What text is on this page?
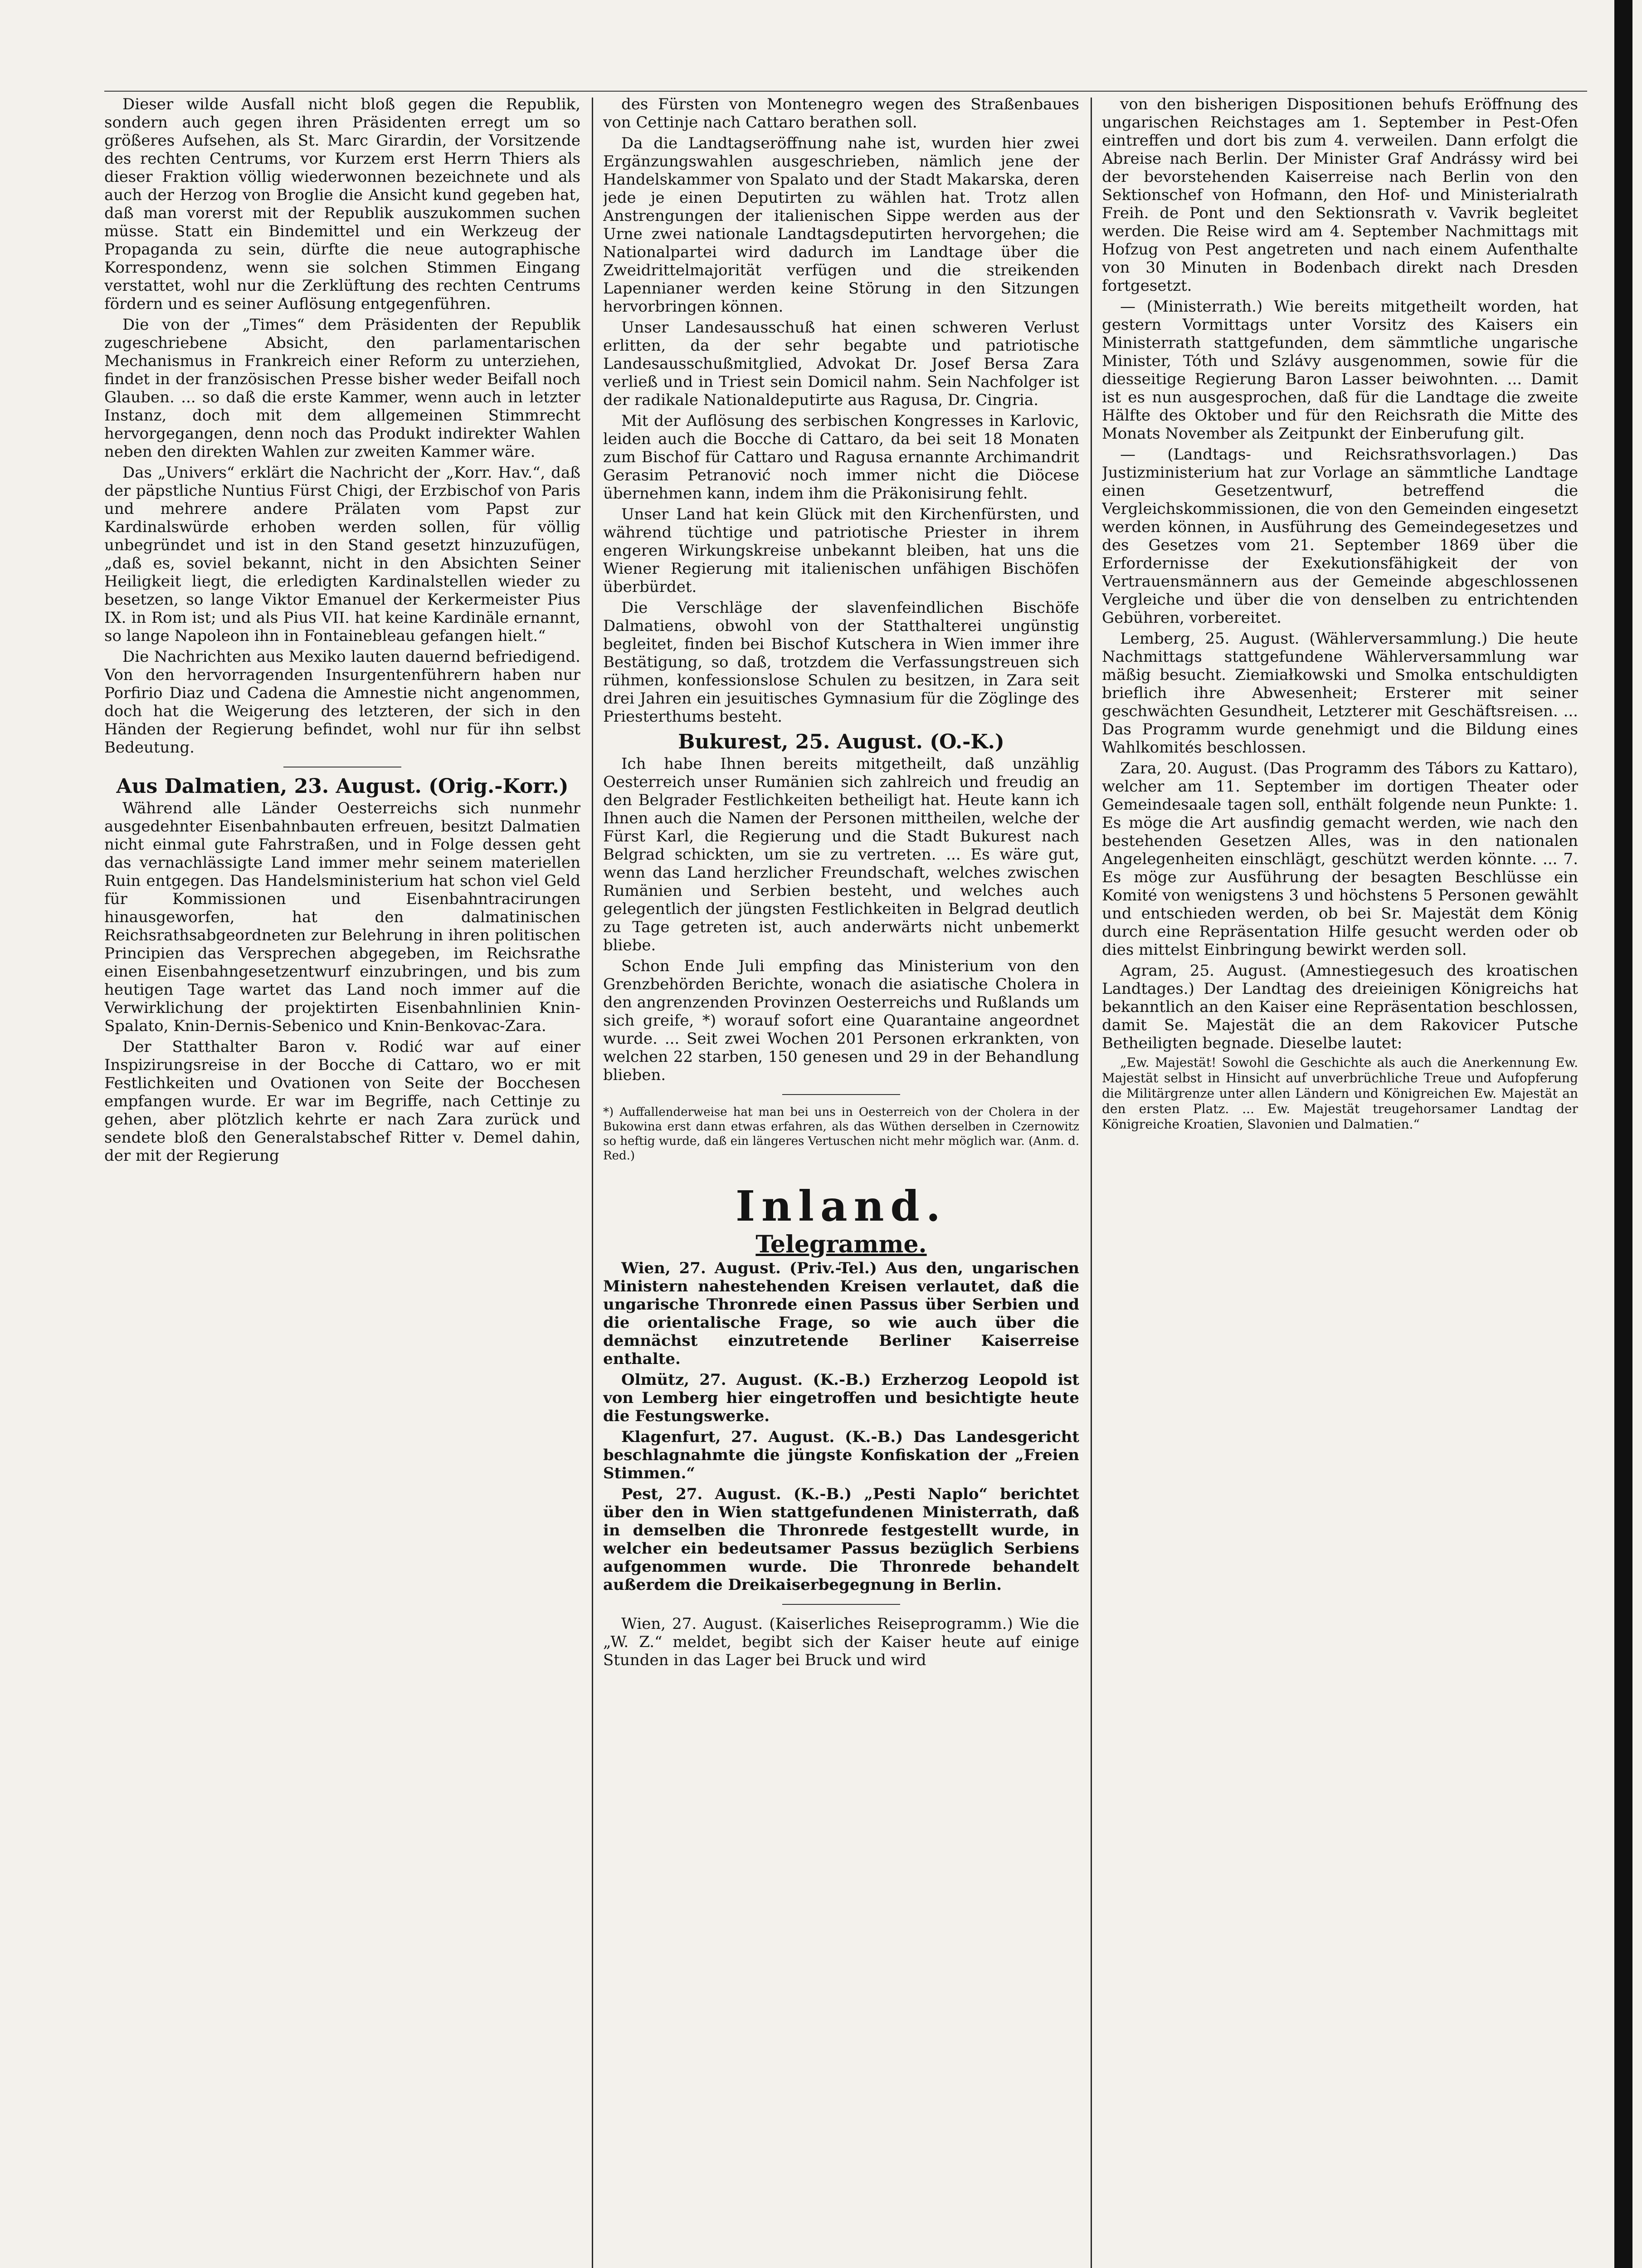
Dieser wilde Ausfall nicht bloß gegen die Republik, sondern auch gegen ihren Präsidenten erregt um so größeres Aufsehen, als St. Marc Girardin, der Vorsitzende des rechten Centrums, vor Kurzem erst Herrn Thiers als dieser Fraktion völlig wiederwonnen bezeichnete und als auch der Herzog von Broglie die Ansicht kund gegeben hat, daß man vorerst mit der Republik auszukommen suchen müsse. Statt ein Bindemittel und ein Werkzeug der Propaganda zu sein, dürfte die neue autographische Korrespondenz, wenn sie solchen Stimmen Eingang verstattet, wohl nur die Zerklüftung des rechten Centrums fördern und es seiner Auflösung entgegenführen.

Die von der „Times“ dem Präsidenten der Republik zugeschriebene Absicht, den parlamentarischen Mechanismus in Frankreich einer Reform zu unterziehen, findet in der französischen Presse bisher weder Beifall noch Glauben. ... so daß die erste Kammer, wenn auch in letzter Instanz, doch mit dem allgemeinen Stimmrecht hervorgegangen, denn noch das Produkt indirekter Wahlen neben den direkten Wahlen zur zweiten Kammer wäre.

Das „Univers“ erklärt die Nachricht der „Korr. Hav.“, daß der päpstliche Nuntius Fürst Chigi, der Erzbischof von Paris und mehrere andere Prälaten vom Papst zur Kardinalswürde erhoben werden sollen, für völlig unbegründet und ist in den Stand gesetzt hinzuzufügen, „daß es, soviel bekannt, nicht in den Absichten Seiner Heiligkeit liegt, die erledigten Kardinalstellen wieder zu besetzen, so lange Viktor Emanuel der Kerkermeister Pius IX. in Rom ist; und als Pius VII. hat keine Kardinäle ernannt, so lange Napoleon ihn in Fontainebleau gefangen hielt.“

Die Nachrichten aus Mexiko lauten dauernd befriedigend. Von den hervorragenden Insurgentenführern haben nur Porfirio Diaz und Cadena die Amnestie nicht angenommen, doch hat die Weigerung des letzteren, der sich in den Händen der Regierung befindet, wohl nur für ihn selbst Bedeutung.

Aus Dalmatien, 23. August. (Orig.-Korr.)

Während alle Länder Oesterreichs sich nunmehr ausgedehnter Eisenbahnbauten erfreuen, besitzt Dalmatien nicht einmal gute Fahrstraßen, und in Folge dessen geht das vernachlässigte Land immer mehr seinem materiellen Ruin entgegen. Das Handelsministerium hat schon viel Geld für Kommissionen und Eisenbahntracirungen hinausgeworfen, hat den dalmatinischen Reichsrathsabgeordneten zur Belehrung in ihren politischen Principien das Versprechen abgegeben, im Reichsrathe einen Eisenbahngesetzentwurf einzubringen, und bis zum heutigen Tage wartet das Land noch immer auf die Verwirklichung der projektirten Eisenbahnlinien Knin-Spalato, Knin-Dernis-Sebenico und Knin-Benkovac-Zara.

Der Statthalter Baron v. Rodić war auf einer Inspizirungsreise in der Bocche di Cattaro, wo er mit Festlichkeiten und Ovationen von Seite der Bocchesen empfangen wurde. Er war im Begriffe, nach Cettinje zu gehen, aber plötzlich kehrte er nach Zara zurück und sendete bloß den Generalstabschef Ritter v. Demel dahin, der mit der Regierung

des Fürsten von Montenegro wegen des Straßenbaues von Cettinje nach Cattaro berathen soll.

Da die Landtagseröffnung nahe ist, wurden hier zwei Ergänzungswahlen ausgeschrieben, nämlich jene der Handelskammer von Spalato und der Stadt Makarska, deren jede je einen Deputirten zu wählen hat. Trotz allen Anstrengungen der italienischen Sippe werden aus der Urne zwei nationale Landtagsdeputirten hervorgehen; die Nationalpartei wird dadurch im Landtage über die Zweidrittelmajorität verfügen und die streikenden Lapennianer werden keine Störung in den Sitzungen hervorbringen können.

Unser Landesausschuß hat einen schweren Verlust erlitten, da der sehr begabte und patriotische Landesausschußmitglied, Advokat Dr. Josef Bersa Zara verließ und in Triest sein Domicil nahm. Sein Nachfolger ist der radikale Nationaldeputirte aus Ragusa, Dr. Cingria.

Mit der Auflösung des serbischen Kongresses in Karlovic, leiden auch die Bocche di Cattaro, da bei seit 18 Monaten zum Bischof für Cattaro und Ragusa ernannte Archimandrit Gerasim Petranović noch immer nicht die Diöcese übernehmen kann, indem ihm die Präkonisirung fehlt.

Unser Land hat kein Glück mit den Kirchenfürsten, und während tüchtige und patriotische Priester in ihrem engeren Wirkungskreise unbekannt bleiben, hat uns die Wiener Regierung mit italienischen unfähigen Bischöfen überbürdet.

Die Verschläge der slavenfeindlichen Bischöfe Dalmatiens, obwohl von der Statthalterei ungünstig begleitet, finden bei Bischof Kutschera in Wien immer ihre Bestätigung, so daß, trotzdem die Verfassungstreuen sich rühmen, konfessionslose Schulen zu besitzen, in Zara seit drei Jahren ein jesuitisches Gymnasium für die Zöglinge des Priesterthums besteht.

Bukurest, 25. August. (O.-K.)

Ich habe Ihnen bereits mitgetheilt, daß unzählig Oesterreich unser Rumänien sich zahlreich und freudig an den Belgrader Festlichkeiten betheiligt hat. Heute kann ich Ihnen auch die Namen der Personen mittheilen, welche der Fürst Karl, die Regierung und die Stadt Bukurest nach Belgrad schickten, um sie zu vertreten. ... Es wäre gut, wenn das Land herzlicher Freundschaft, welches zwischen Rumänien und Serbien besteht, und welches auch gelegentlich der jüngsten Festlichkeiten in Belgrad deutlich zu Tage getreten ist, auch anderwärts nicht unbemerkt bliebe.

Schon Ende Juli empfing das Ministerium von den Grenzbehörden Berichte, wonach die asiatische Cholera in den angrenzenden Provinzen Oesterreichs und Rußlands um sich greife, *) worauf sofort eine Quarantaine angeordnet wurde. ... Seit zwei Wochen 201 Personen erkrankten, von welchen 22 starben, 150 genesen und 29 in der Behandlung blieben.

*) Auffallenderweise hat man bei uns in Oesterreich von der Cholera in der Bukowina erst dann etwas erfahren, als das Wüthen derselben in Czernowitz so heftig wurde, daß ein längeres Vertuschen nicht mehr möglich war. (Anm. d. Red.)
Inland.
Telegramme.

Wien, 27. August. (Priv.-Tel.) Aus den, ungarischen Ministern nahestehenden Kreisen verlautet, daß die ungarische Thronrede einen Passus über Serbien und die orientalische Frage, so wie auch über die demnächst einzutretende Berliner Kaiserreise enthalte.

Olmütz, 27. August. (K.-B.) Erzherzog Leopold ist von Lemberg hier eingetroffen und besichtigte heute die Festungswerke.

Klagenfurt, 27. August. (K.-B.) Das Landesgericht beschlagnahmte die jüngste Konfiskation der „Freien Stimmen.“

Pest, 27. August. (K.-B.) „Pesti Naplo“ berichtet über den in Wien stattgefundenen Ministerrath, daß in demselben die Thronrede festgestellt wurde, in welcher ein bedeutsamer Passus bezüglich Serbiens aufgenommen wurde. Die Thronrede behandelt außerdem die Dreikaiserbegegnung in Berlin.

Wien, 27. August. (Kaiserliches Reiseprogramm.) Wie die „W. Z.“ meldet, begibt sich der Kaiser heute auf einige Stunden in das Lager bei Bruck und wird

von den bisherigen Dispositionen behufs Eröffnung des ungarischen Reichstages am 1. September in Pest-Ofen eintreffen und dort bis zum 4. verweilen. Dann erfolgt die Abreise nach Berlin. Der Minister Graf Andrássy wird bei der bevorstehenden Kaiserreise nach Berlin von den Sektionschef von Hofmann, den Hof- und Ministerialrath Freih. de Pont und den Sektionsrath v. Vavrik begleitet werden. Die Reise wird am 4. September Nachmittags mit Hofzug von Pest angetreten und nach einem Aufenthalte von 30 Minuten in Bodenbach direkt nach Dresden fortgesetzt.

— (Ministerrath.) Wie bereits mitgetheilt worden, hat gestern Vormittags unter Vorsitz des Kaisers ein Ministerrath stattgefunden, dem sämmtliche ungarische Minister, Tóth und Szlávy ausgenommen, sowie für die diesseitige Regierung Baron Lasser beiwohnten. ... Damit ist es nun ausgesprochen, daß für die Landtage die zweite Hälfte des Oktober und für den Reichsrath die Mitte des Monats November als Zeitpunkt der Einberufung gilt.

— (Landtags- und Reichsrathsvorlagen.) Das Justizministerium hat zur Vorlage an sämmtliche Landtage einen Gesetzentwurf, betreffend die Vergleichskommissionen, die von den Gemeinden eingesetzt werden können, in Ausführung des Gemeindegesetzes und des Gesetzes vom 21. September 1869 über die Erfordernisse der Exekutionsfähigkeit der von Vertrauensmännern aus der Gemeinde abgeschlossenen Vergleiche und über die von denselben zu entrichtenden Gebühren, vorbereitet.

Lemberg, 25. August. (Wählerversammlung.) Die heute Nachmittags stattgefundene Wählerversammlung war mäßig besucht. Ziemiałkowski und Smolka entschuldigten brieflich ihre Abwesenheit; Ersterer mit seiner geschwächten Gesundheit, Letzterer mit Geschäftsreisen. ... Das Programm wurde genehmigt und die Bildung eines Wahlkomités beschlossen.

Zara, 20. August. (Das Programm des Tábors zu Kattaro), welcher am 11. September im dortigen Theater oder Gemeindesaale tagen soll, enthält folgende neun Punkte: 1. Es möge die Art ausfindig gemacht werden, wie nach den bestehenden Gesetzen Alles, was in den nationalen Angelegenheiten einschlägt, geschützt werden könnte. ... 7. Es möge zur Ausführung der besagten Beschlüsse ein Komité von wenigstens 3 und höchstens 5 Personen gewählt und entschieden werden, ob bei Sr. Majestät dem König durch eine Repräsentation Hilfe gesucht werden oder ob dies mittelst Einbringung bewirkt werden soll.

Agram, 25. August. (Amnestiegesuch des kroatischen Landtages.) Der Landtag des dreieinigen Königreichs hat bekanntlich an den Kaiser eine Repräsentation beschlossen, damit Se. Majestät die an dem Rakovicer Putsche Betheiligten begnade. Dieselbe lautet:

„Ew. Majestät! Sowohl die Geschichte als auch die Anerkennung Ew. Majestät selbst in Hinsicht auf unverbrüchliche Treue und Aufopferung die Militärgrenze unter allen Ländern und Königreichen Ew. Majestät an den ersten Platz. ... Ew. Majestät treugehorsamer Landtag der Königreiche Kroatien, Slavonien und Dalmatien.“
